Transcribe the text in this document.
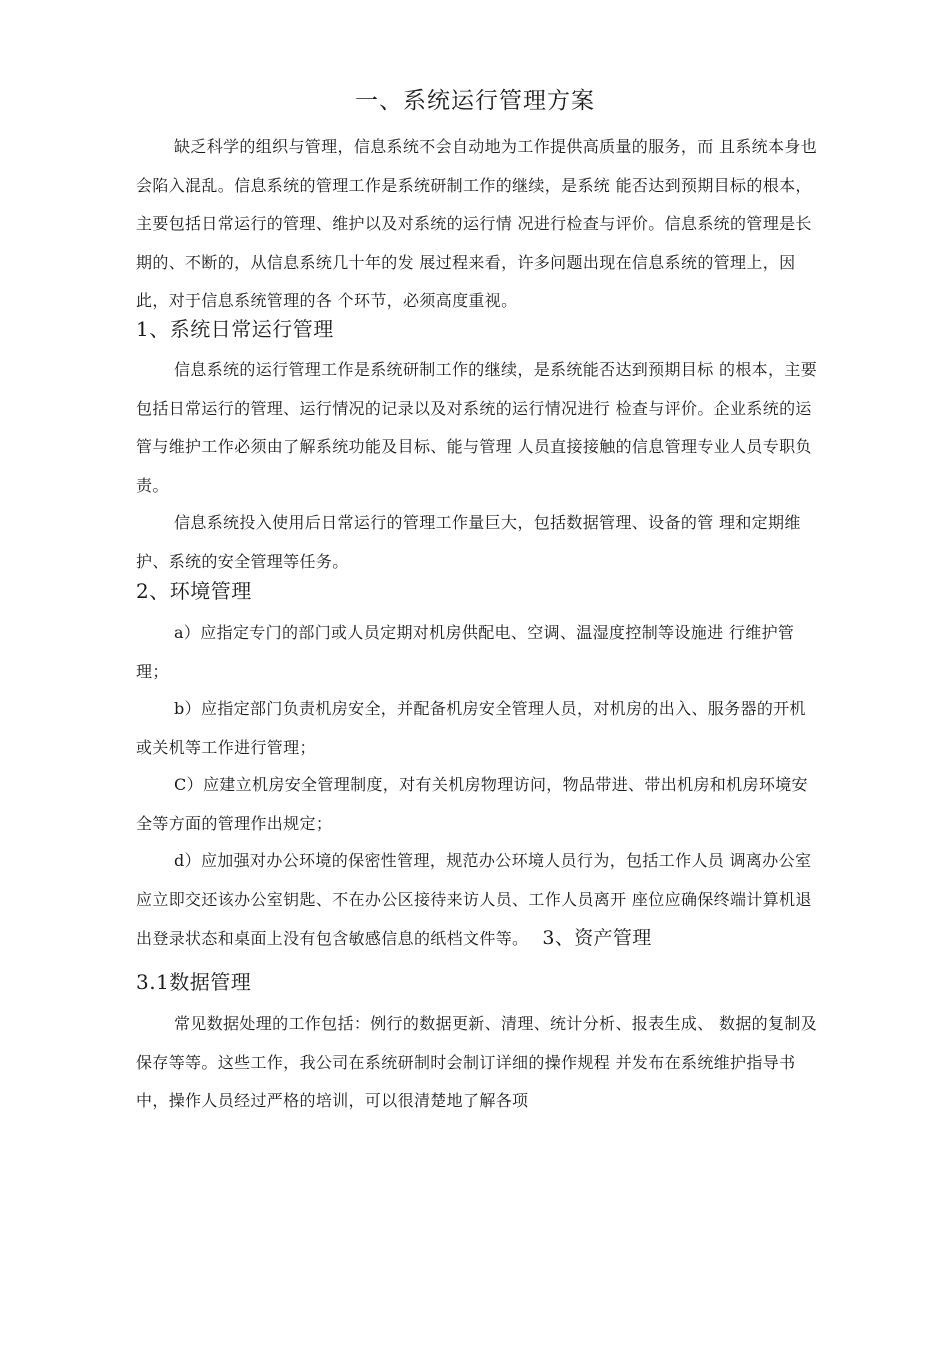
一、系统运行管理方案

缺乏科学的组织与管理，信息系统不会自动地为工作提供高质量的服务，而 且系统本身也会陷入混乱。信息系统的管理工作是系统研制工作的继续，是系统 能否达到预期目标的根本，主要包括日常运行的管理、维护以及对系统的运行情 况进行检查与评价。信息系统的管理是长期的、不断的，从信息系统几十年的发 展过程来看，许多问题出现在信息系统的管理上，因此，对于信息系统管理的各 个环节，必须高度重视。

1、系统日常运行管理

信息系统的运行管理工作是系统研制工作的继续，是系统能否达到预期目标 的根本，主要包括日常运行的管理、运行情况的记录以及对系统的运行情况进行 检查与评价。企业系统的运管与维护工作必须由了解系统功能及目标、能与管理 人员直接接触的信息管理专业人员专职负责。

信息系统投入使用后日常运行的管理工作量巨大，包括数据管理、设备的管 理和定期维护、系统的安全管理等任务。

2、环境管理

a）应指定专门的部门或人员定期对机房供配电、空调、温湿度控制等设施进 行维护管理；

b）应指定部门负责机房安全，并配备机房安全管理人员，对机房的出入、服务器的开机或关机等工作进行管理；

C）应建立机房安全管理制度，对有关机房物理访问，物品带进、带出机房和机房环境安全等方面的管理作出规定；

d）应加强对办公环境的保密性管理，规范办公环境人员行为，包括工作人员 调离办公室应立即交还该办公室钥匙、不在办公区接待来访人员、工作人员离开 座位应确保终端计算机退出登录状态和桌面上没有包含敏感信息的纸档文件等。 3、资产管理

3.1数据管理

常见数据处理的工作包括：例行的数据更新、清理、统计分析、报表生成、 数据的复制及保存等等。这些工作，我公司在系统研制时会制订详细的操作规程 并发布在系统维护指导书中，操作人员经过严格的培训，可以很清楚地了解各项
